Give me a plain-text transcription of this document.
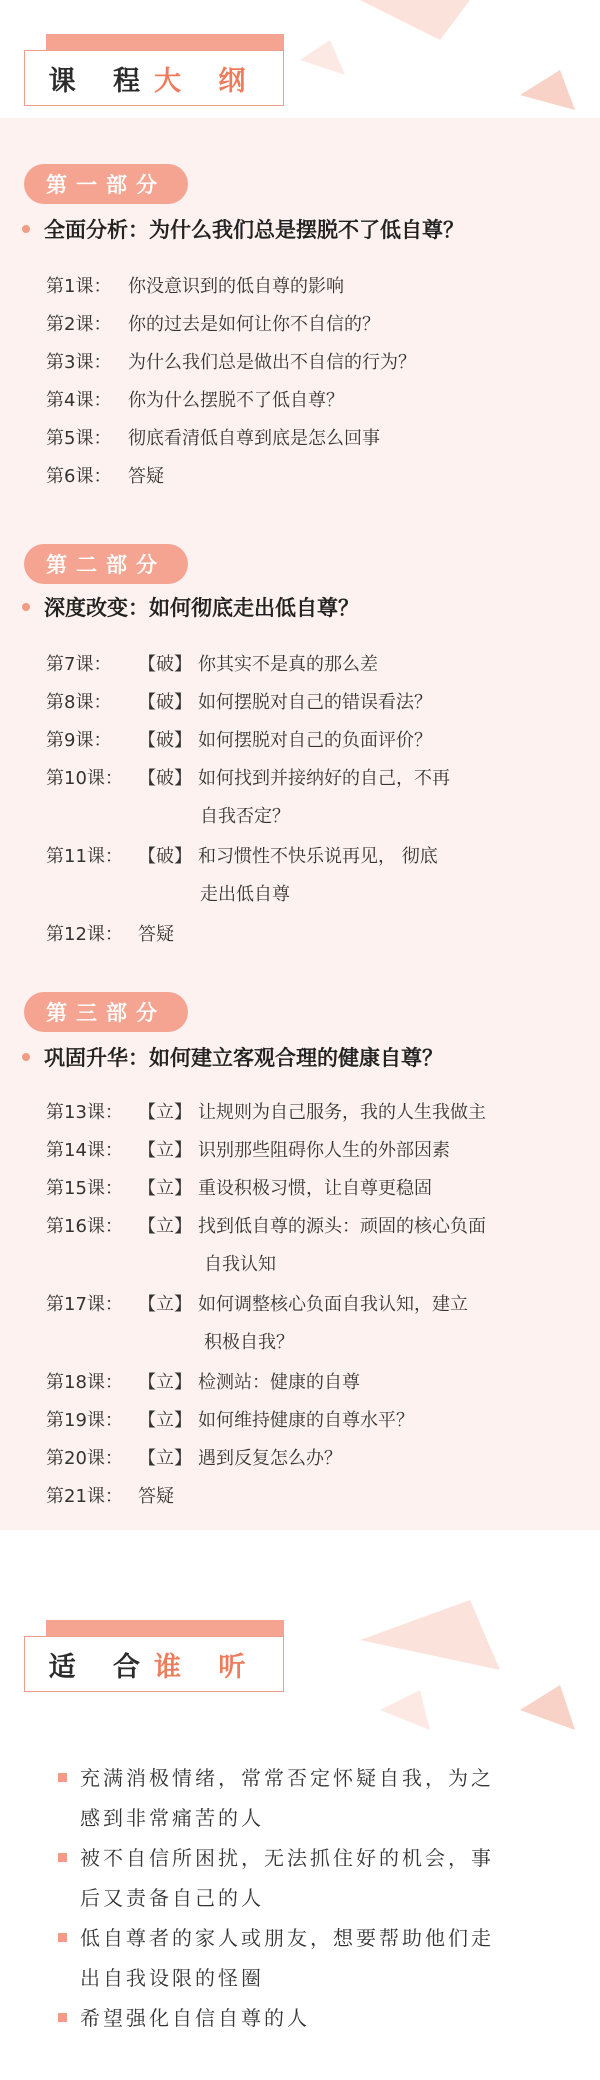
课 程 大 纲
第一部分
全面分析：为什么我们总是摆脱不了低自尊？
第1课： 你没意识到的低自尊的影响
第2课： 你的过去是如何让你不自信的？
第3课： 为什么我们总是做出不自信的行为？
第4课： 你为什么摆脱不了低自尊？
第5课： 彻底看清低自尊到底是怎么回事
第6课： 答疑
第二部分
深度改变：如何彻底走出低自尊？
第7课： 【破】 你其实不是真的那么差
第8课： 【破】 如何摆脱对自己的错误看法？
第9课： 【破】 如何摆脱对自己的负面评价？
第10课： 【破】 如何找到并接纳好的自己，不再
自我否定？
第11课： 【破】 和习惯性不快乐说再见， 彻底
走出低自尊
第12课： 答疑
第三部分
巩固升华：如何建立客观合理的健康自尊？
第13课： 【立】 让规则为自己服务，我的人生我做主
第14课： 【立】 识别那些阻碍你人生的外部因素
第15课： 【立】 重设积极习惯，让自尊更稳固
第16课： 【立】 找到低自尊的源头：顽固的核心负面
自我认知
第17课： 【立】 如何调整核心负面自我认知，建立
积极自我？
第18课： 【立】 检测站：健康的自尊
第19课： 【立】 如何维持健康的自尊水平？
第20课： 【立】 遇到反复怎么办？
第21课： 答疑
适 合 谁 听
充满消极情绪，常常否定怀疑自我，为之
感到非常痛苦的人
被不自信所困扰，无法抓住好的机会，事
后又责备自己的人
低自尊者的家人或朋友，想要帮助他们走
出自我设限的怪圈
希望强化自信自尊的人
